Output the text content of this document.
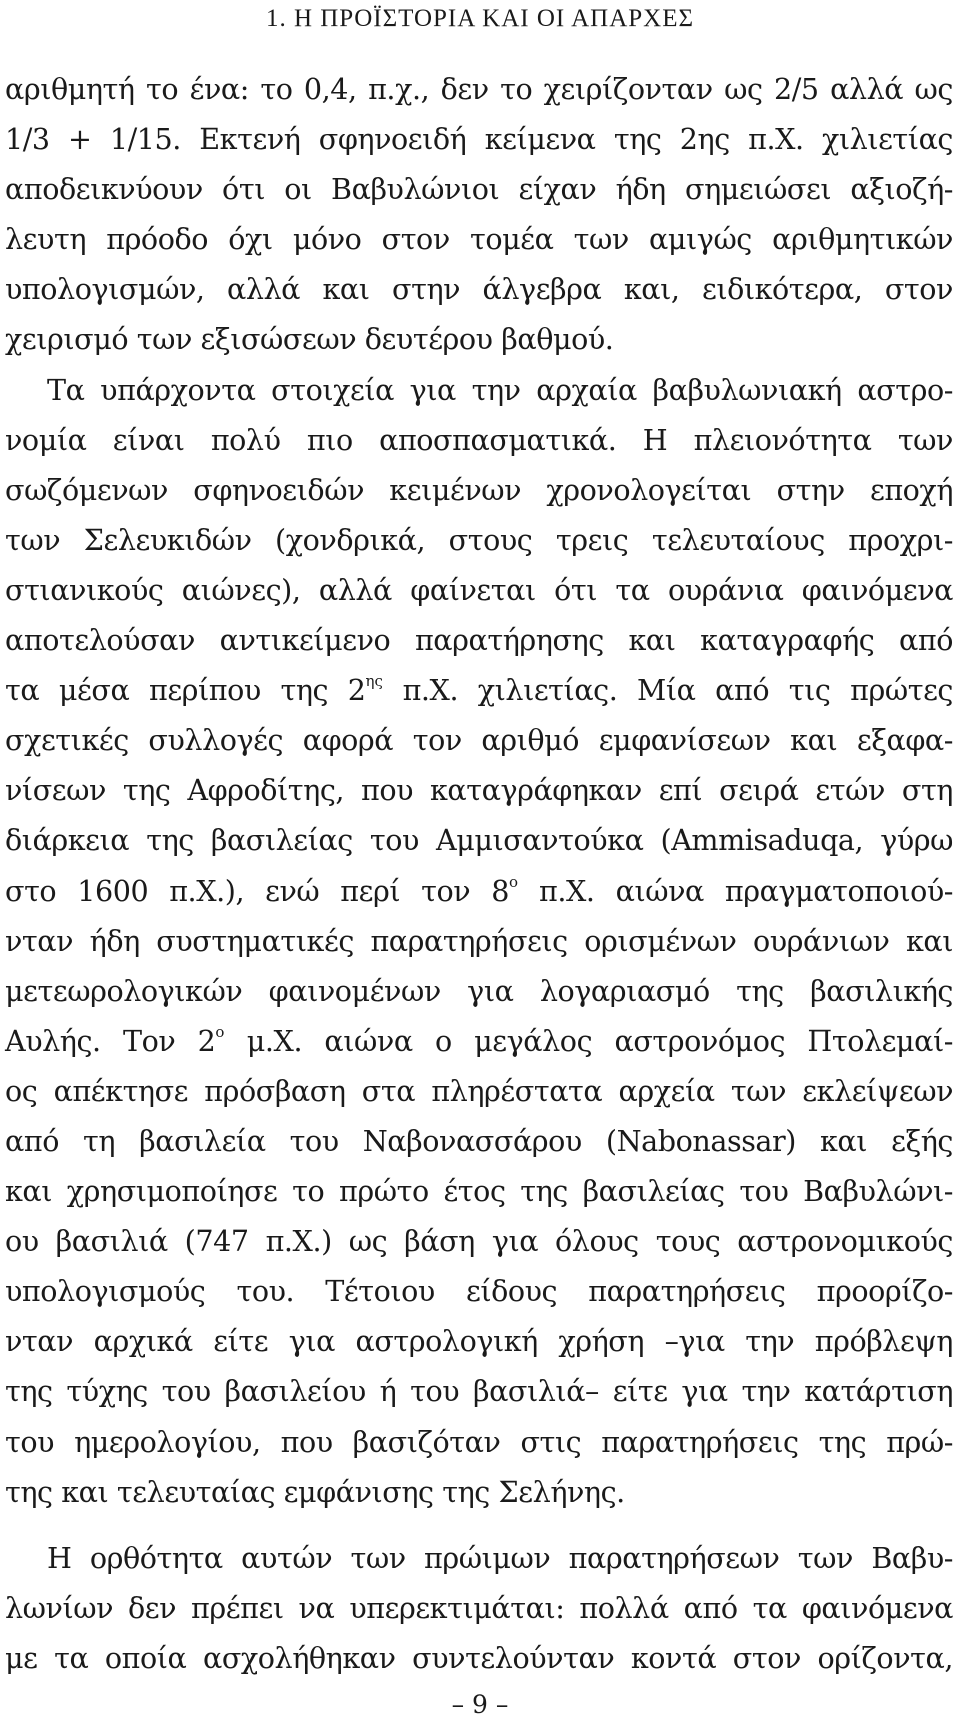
1. Η ΠΡΟΪΣΤΟΡΙΑ ΚΑΙ ΟΙ ΑΠΑΡΧΕΣ
αριθμητή το ένα: το 0,4, π.χ., δεν το χειρίζονταν ως 2/5 αλλά ως
1/3 + 1/15. Εκτενή σφηνοειδή κείμενα της 2ης π.Χ. χιλιετίας
αποδεικνύουν ότι οι Βαβυλώνιοι είχαν ήδη σημειώσει αξιοζή-
λευτη πρόοδο όχι μόνο στον τομέα των αμιγώς αριθμητικών
υπολογισμών, αλλά και στην άλγεβρα και, ειδικότερα, στον
χειρισμό των εξισώσεων δευτέρου βαθμού.
Τα υπάρχοντα στοιχεία για την αρχαία βαβυλωνιακή αστρο-
νομία είναι πολύ πιο αποσπασματικά. Η πλειονότητα των
σωζόμενων σφηνοειδών κειμένων χρονολογείται στην εποχή
των Σελευκιδών (χονδρικά, στους τρεις τελευταίους προχρι-
στιανικούς αιώνες), αλλά φαίνεται ότι τα ουράνια φαινόμενα
αποτελούσαν αντικείμενο παρατήρησης και καταγραφής από
τα μέσα περίπου της $2^{\eta\varsigma}$ π.Χ. χιλιετίας. Μία από τις πρώτες
σχετικές συλλογές αφορά τον αριθμό εμφανίσεων και εξαφα-
νίσεων της Αφροδίτης, που καταγράφηκαν επί σειρά ετών στη
διάρκεια της βασιλείας του Αμμισαντούκα (Ammisaduqa, γύρω
στο 1600 π.Χ.), ενώ περί τον $8^o$ π.Χ. αιώνα πραγματοποιού-
νταν ήδη συστηματικές παρατηρήσεις ορισμένων ουράνιων και
μετεωρολογικών φαινομένων για λογαριασμό της βασιλικής
Αυλής. Τον $2^o$ μ.Χ. αιώνα ο μεγάλος αστρονόμος Πτολεμαί-
ος απέκτησε πρόσβαση στα πληρέστατα αρχεία των εκλείψεων
από τη βασιλεία του Ναβονασσάρου (Nabonassar) και εξής
και χρησιμοποίησε το πρώτο έτος της βασιλείας του Βαβυλώνι-
ου βασιλιά (747 π.Χ.) ως βάση για όλους τους αστρονομικούς
υπολογισμούς του. Τέτοιου είδους παρατηρήσεις προορίζο-
νταν αρχικά είτε για αστρολογική χρήση –για την πρόβλεψη
της τύχης του βασιλείου ή του βασιλιά– είτε για την κατάρτιση
του ημερολογίου, που βασιζόταν στις παρατηρήσεις της πρώ-
της και τελευταίας εμφάνισης της Σελήνης.
Η ορθότητα αυτών των πρώιμων παρατηρήσεων των Βαβυ-
λωνίων δεν πρέπει να υπερεκτιμάται: πολλά από τα φαινόμενα
με τα οποία ασχολήθηκαν συντελούνταν κοντά στον ορίζοντα,
– 9 –
